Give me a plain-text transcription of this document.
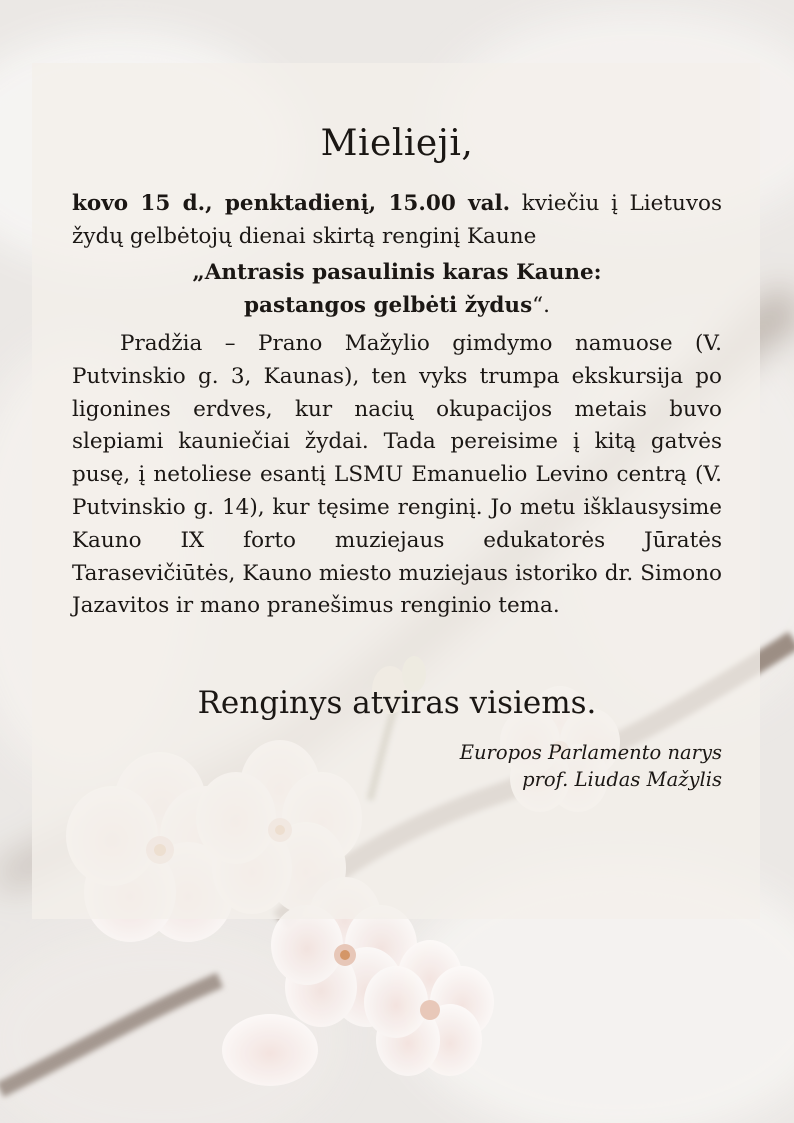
Mielieji,

kovo 15 d., penktadienį, 15.00 val. kviečiu į Lietuvos žydų gelbėtojų dienai skirtą renginį Kaune

„Antrasis pasaulinis karas Kaune:
pastangos gelbėti žydus“.

Pradžia – Prano Mažylio gimdymo namuose (V. Putvinskio g. 3, Kaunas), ten vyks trumpa ekskursija po ligonines erdves, kur nacių okupacijos metais buvo slepiami kauniečiai žydai. Tada pereisime į kitą gatvės pusę, į netoliese esantį LSMU Emanuelio Levino centrą (V. Putvinskio g. 14), kur tęsime renginį. Jo metu išklausysime Kauno IX forto muziejaus edukatorės Jūratės Tarasevičiūtės, Kauno miesto muziejaus istoriko dr. Simono Jazavitos ir mano pranešimus renginio tema.

Renginys atviras visiems.

Europos Parlamento narys

prof. Liudas Mažylis
